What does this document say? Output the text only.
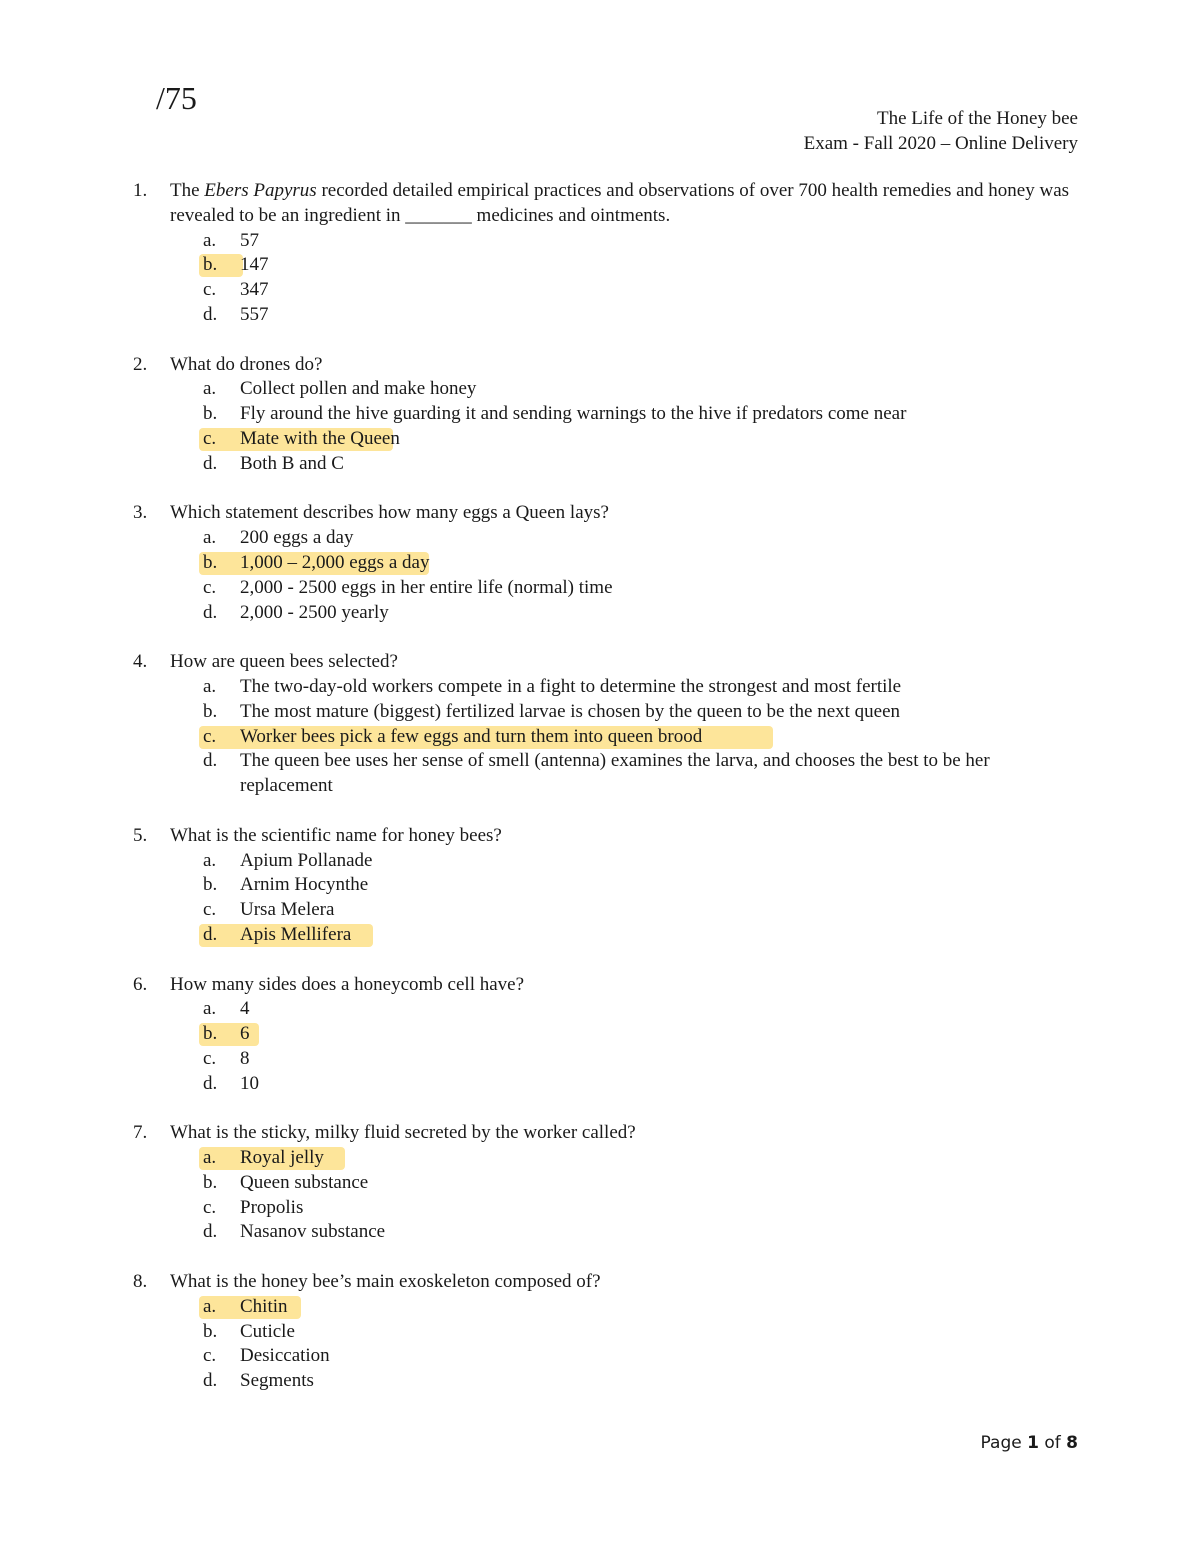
/75
The Life of the Honey bee
Exam - Fall 2020 – Online Delivery
1.	The Ebers Papyrus recorded detailed empirical practices and observations of over 700 health remedies and honey was revealed to be an ingredient in _______ medicines and ointments.
a.	57
b.	147
c.	347
d.	557
2.	What do drones do?
a.	Collect pollen and make honey
b.	Fly around the hive guarding it and sending warnings to the hive if predators come near
c.	Mate with the Queen
d.	Both B and C
3.	Which statement describes how many eggs a Queen lays?
a.	200 eggs a day
b.	1,000 – 2,000 eggs a day
c.	2,000 - 2500 eggs in her entire life (normal) time
d.	2,000 - 2500 yearly
4.	How are queen bees selected?
a.	The two-day-old workers compete in a fight to determine the strongest and most fertile
b.	The most mature (biggest) fertilized larvae is chosen by the queen to be the next queen
c.	Worker bees pick a few eggs and turn them into queen brood
d.	The queen bee uses her sense of smell (antenna) examines the larva, and chooses the best to be her replacement
5.	What is the scientific name for honey bees?
a.	Apium Pollanade
b.	Arnim Hocynthe
c.	Ursa Melera
d.	Apis Mellifera
6.	How many sides does a honeycomb cell have?
a.	4
b.	6
c.	8
d.	10
7.	What is the sticky, milky fluid secreted by the worker called?
a.	Royal jelly
b.	Queen substance
c.	Propolis
d.	Nasanov substance
8.	What is the honey bee’s main exoskeleton composed of?
a.	Chitin
b.	Cuticle
c.	Desiccation
d.	Segments
Page 1 of 8
